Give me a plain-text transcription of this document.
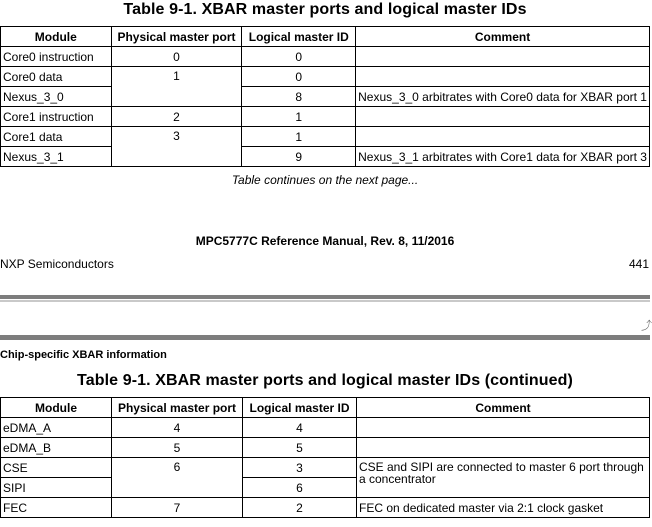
Table 9-1. XBAR master ports and logical master IDs
Module	Physical master port	Logical master ID	Comment
Core0 instruction	0	0	
Core0 data	1	0	
Nexus_3_0		8	Nexus_3_0 arbitrates with Core0 data for XBAR port 1
Core1 instruction	2	1	
Core1 data	3	1	
Nexus_3_1		9	Nexus_3_1 arbitrates with Core1 data for XBAR port 3
Table continues on the next page...
MPC5777C Reference Manual, Rev. 8, 11/2016
NXP Semiconductors	441
⤴
Chip-specific XBAR information
Table 9-1. XBAR master ports and logical master IDs (continued)
Module	Physical master port	Logical master ID	Comment
eDMA_A	4	4	
eDMA_B	5	5	
CSE	6	3	CSE and SIPI are connected to master 6 port through a concentrator
SIPI		6	
FEC	7	2	FEC on dedicated master via 2:1 clock gasket
